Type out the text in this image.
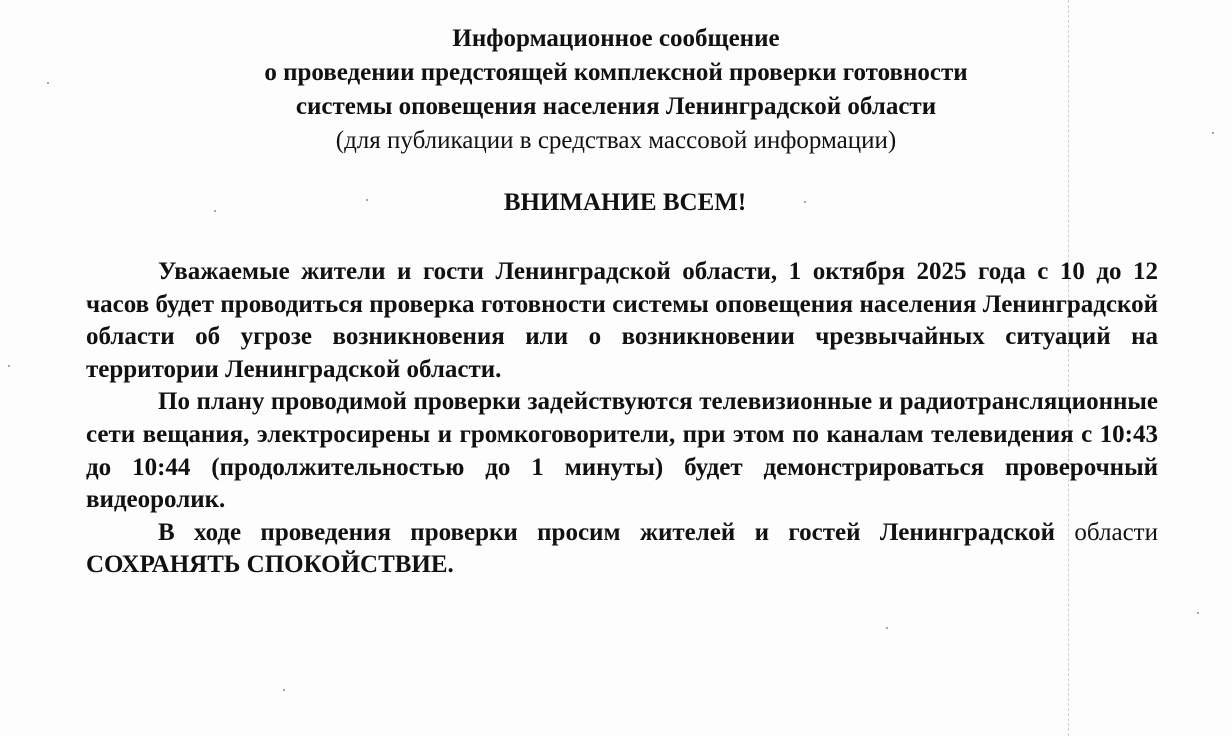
Информационное сообщение
о проведении предстоящей комплексной проверки готовности
системы оповещения населения Ленинградской области
(для публикации в средствах массовой информации)
ВНИМАНИЕ ВСЕМ!

Уважаемые жители и гости Ленинградской области, 1 октября 2025 года с 10 до 12 часов будет проводиться проверка готовности системы оповещения населения Ленинградской области об угрозе возникновения или о возникновении чрезвычайных ситуаций на территории Ленинградской области.

По плану проводимой проверки задействуются телевизионные и радиотрансляционные сети вещания, электросирены и громкоговорители, при этом по каналам телевидения с 10:43 до 10:44 (продолжительностью до 1 минуты) будет демонстрироваться проверочный видеоролик.

В ходе проведения проверки просим жителей и гостей Ленинградской области СОХРАНЯТЬ СПОКОЙСТВИЕ.
